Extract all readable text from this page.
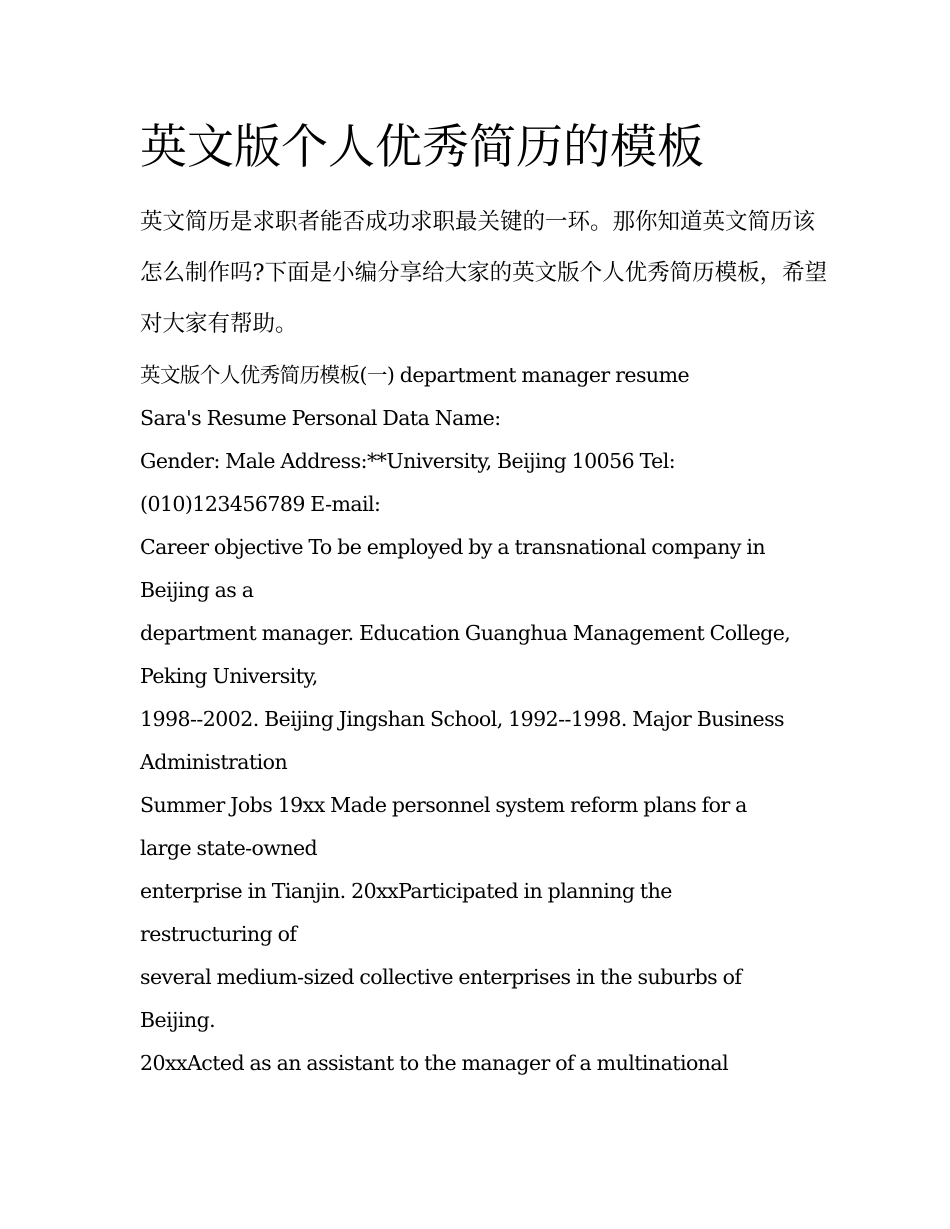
英文版个人优秀简历的模板

英文简历是求职者能否成功求职最关键的一环。那你知道英文简历该怎么制作吗?下面是小编分享给大家的英文版个人优秀简历模板，希望对大家有帮助。

英文版个人优秀简历模板(一) department manager resume
Sara's Resume Personal Data Name:
Gender: Male Address:**University, Beijing 10056 Tel:
(010)123456789 E-mail:
Career objective To be employed by a transnational company in
Beijing as a
department manager. Education Guanghua Management College,
Peking University,
1998--2002. Beijing Jingshan School, 1992--1998. Major Business
Administration
Summer Jobs 19xx Made personnel system reform plans for a
large state-owned
enterprise in Tianjin. 20xxParticipated in planning the
restructuring of
several medium-sized collective enterprises in the suburbs of
Beijing.
20xxActed as an assistant to the manager of a multinational
